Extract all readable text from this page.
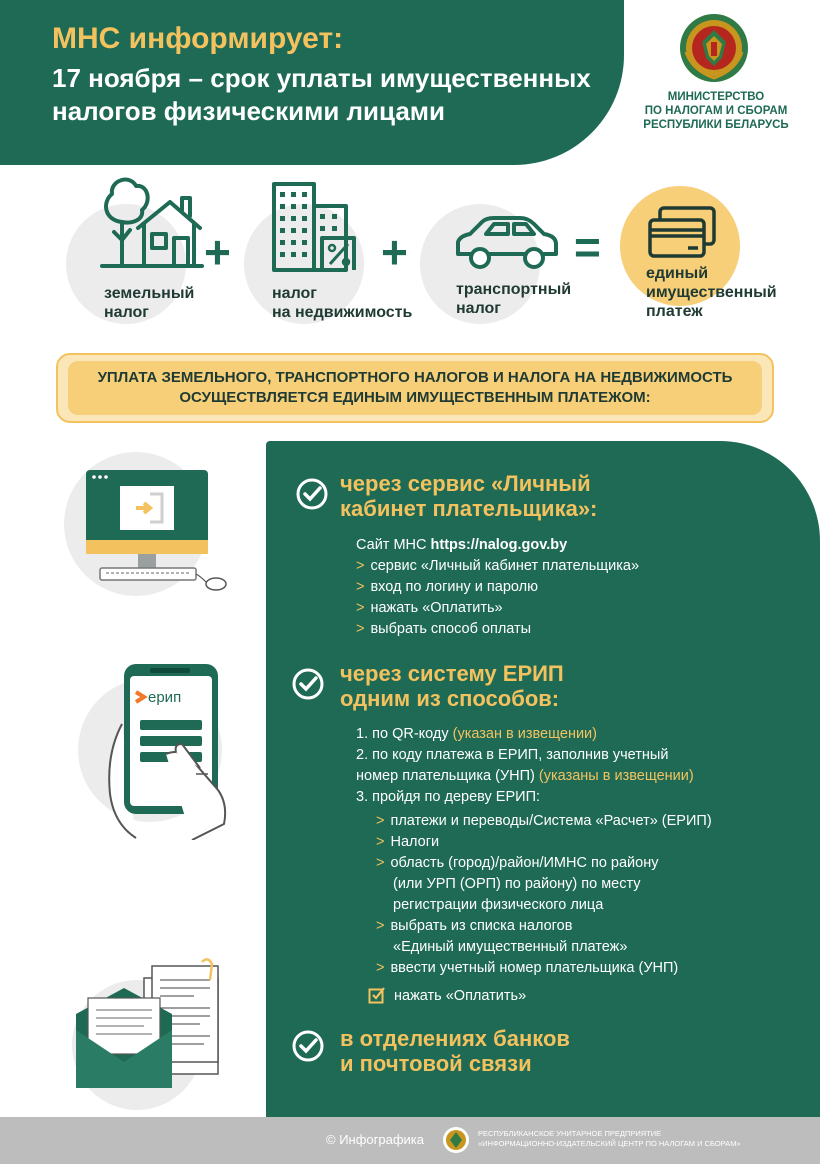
МНС информирует:
17 ноября – срок уплаты имущественных
налогов физическими лицами	МИНИСТЕРСТВО
ПО НАЛОГАМ И СБОРАМ
РЕСПУБЛИКИ БЕЛАРУСЬ
+	+	=
земельный
налог
налог
на недвижимость
транспортный
налог
единый
имущественный
платеж
УПЛАТА ЗЕМЕЛЬНОГО, ТРАНСПОРТНОГО НАЛОГОВ И НАЛОГА НА НЕДВИЖИМОСТЬ
ОСУЩЕСТВЛЯЕТСЯ ЕДИНЫМ ИМУЩЕСТВЕННЫМ ПЛАТЕЖОМ:
ерип
через сервис «Личный
кабинет плательщика»:
Сайт МНС https://nalog.gov.by
> сервис «Личный кабинет плательщика»
> вход по логину и паролю
> нажать «Оплатить»
> выбрать способ оплаты
через систему ЕРИП
одним из способов:
1. по QR-коду (указан в извещении)
2. по коду платежа в ЕРИП, заполнив учетный
номер плательщика (УНП) (указаны в извещении)
3. пройдя по дереву ЕРИП:
> платежи и переводы/Система «Расчет» (ЕРИП)
> Налоги
> область (город)/район/ИМНС по району
(или УРП (ОРП) по району) по месту
регистрации физического лица
> выбрать из списка налогов
«Единый имущественный платеж»
> ввести учетный номер плательщика (УНП)
нажать «Оплатить»
в отделениях банков
и почтовой связи
© Инфографика	РЕСПУБЛИКАНСКОЕ УНИТАРНОЕ ПРЕДПРИЯТИЕ
«ИНФОРМАЦИОННО-ИЗДАТЕЛЬСКИЙ ЦЕНТР ПО НАЛОГАМ И СБОРАМ»
